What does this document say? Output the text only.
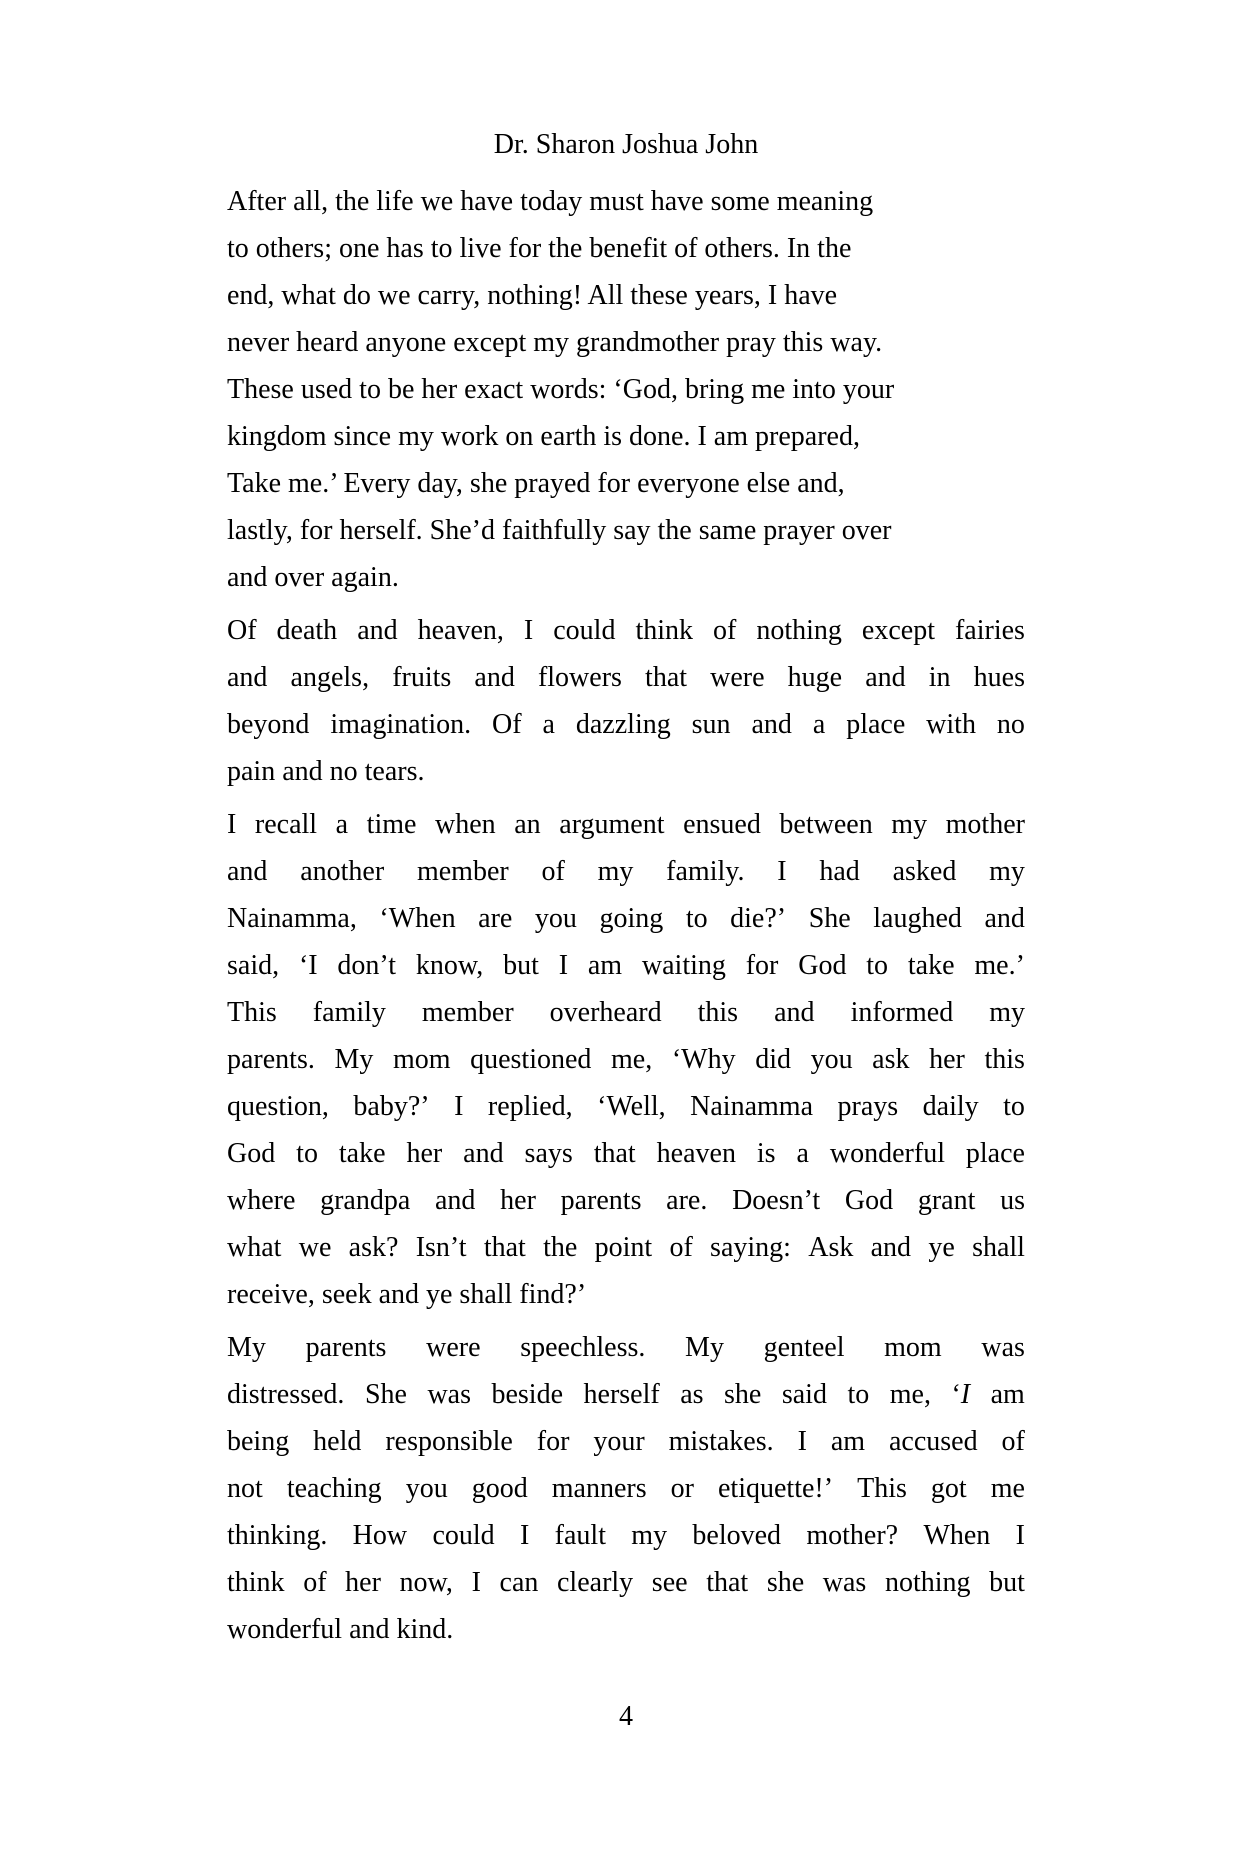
Dr. Sharon Joshua John
After all, the life we have today must have some meaning
to others; one has to live for the benefit of others. In the
end, what do we carry, nothing! All these years, I have
never heard anyone except my grandmother pray this way.
These used to be her exact words: ‘God, bring me into your
kingdom since my work on earth is done. I am prepared,
Take me.’ Every day, she prayed for everyone else and,
lastly, for herself. She’d faithfully say the same prayer over
and over again.
Of death and heaven, I could think of nothing except fairies
and angels, fruits and flowers that were huge and in hues
beyond imagination. Of a dazzling sun and a place with no
pain and no tears.
I recall a time when an argument ensued between my mother
and another member of my family. I had asked my
Nainamma, ‘When are you going to die?’ She laughed and
said, ‘I don’t know, but I am waiting for God to take me.’
This family member overheard this and informed my
parents. My mom questioned me, ‘Why did you ask her this
question, baby?’ I replied, ‘Well, Nainamma prays daily to
God to take her and says that heaven is a wonderful place
where grandpa and her parents are. Doesn’t God grant us
what we ask? Isn’t that the point of saying: Ask and ye shall
receive, seek and ye shall find?’
My parents were speechless. My genteel mom was
distressed. She was beside herself as she said to me, ‘I am
being held responsible for your mistakes. I am accused of
not teaching you good manners or etiquette!’ This got me
thinking. How could I fault my beloved mother? When I
think of her now, I can clearly see that she was nothing but
wonderful and kind.
4
